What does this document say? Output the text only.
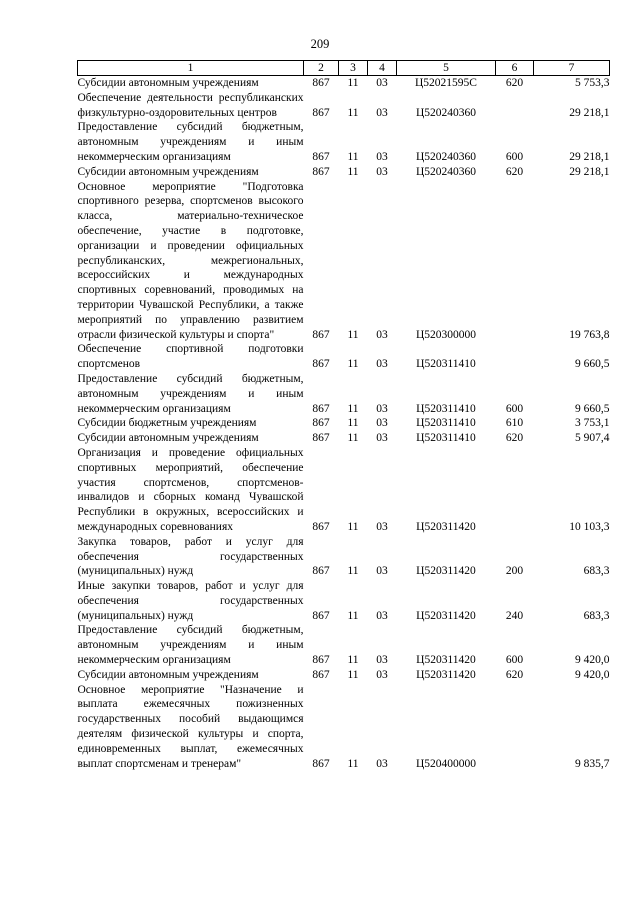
209
1	2	3	4	5	6	7
Субсидии автономным учреждениям	867	11	03	Ц52021595С	620	5 753,3
Обеспечение деятельности республиканских физкультурно-оздоровительных центров	867	11	03	Ц520240360		29 218,1
Предоставление субсидий бюджетным, автономным учреждениям и иным некоммерческим организациям	867	11	03	Ц520240360	600	29 218,1
Субсидии автономным учреждениям	867	11	03	Ц520240360	620	29 218,1
Основное мероприятие "Подготовка спортивного резерва, спортсменов высокого класса, материально-техническое обеспечение, участие в подготовке, организации и проведении официальных республиканских, межрегиональных, всероссийских и международных спортивных соревнований, проводимых на территории Чувашской Республики, а также мероприятий по управлению развитием отрасли физической культуры и спорта"	867	11	03	Ц520300000		19 763,8
Обеспечение спортивной подготовки спортсменов	867	11	03	Ц520311410		9 660,5
Предоставление субсидий бюджетным, автономным учреждениям и иным некоммерческим организациям	867	11	03	Ц520311410	600	9 660,5
Субсидии бюджетным учреждениям	867	11	03	Ц520311410	610	3 753,1
Субсидии автономным учреждениям	867	11	03	Ц520311410	620	5 907,4
Организация и проведение официальных спортивных мероприятий, обеспечение участия спортсменов, спортсменов-инвалидов и сборных команд Чувашской Республики в окружных, всероссийских и международных соревнованиях	867	11	03	Ц520311420		10 103,3
Закупка товаров, работ и услуг для обеспечения государственных (муниципальных) нужд	867	11	03	Ц520311420	200	683,3
Иные закупки товаров, работ и услуг для обеспечения государственных (муниципальных) нужд	867	11	03	Ц520311420	240	683,3
Предоставление субсидий бюджетным, автономным учреждениям и иным некоммерческим организациям	867	11	03	Ц520311420	600	9 420,0
Субсидии автономным учреждениям	867	11	03	Ц520311420	620	9 420,0
Основное мероприятие "Назначение и выплата ежемесячных пожизненных государственных пособий выдающимся деятелям физической культуры и спорта, единовременных выплат, ежемесячных выплат спортсменам и тренерам"	867	11	03	Ц520400000		9 835,7
